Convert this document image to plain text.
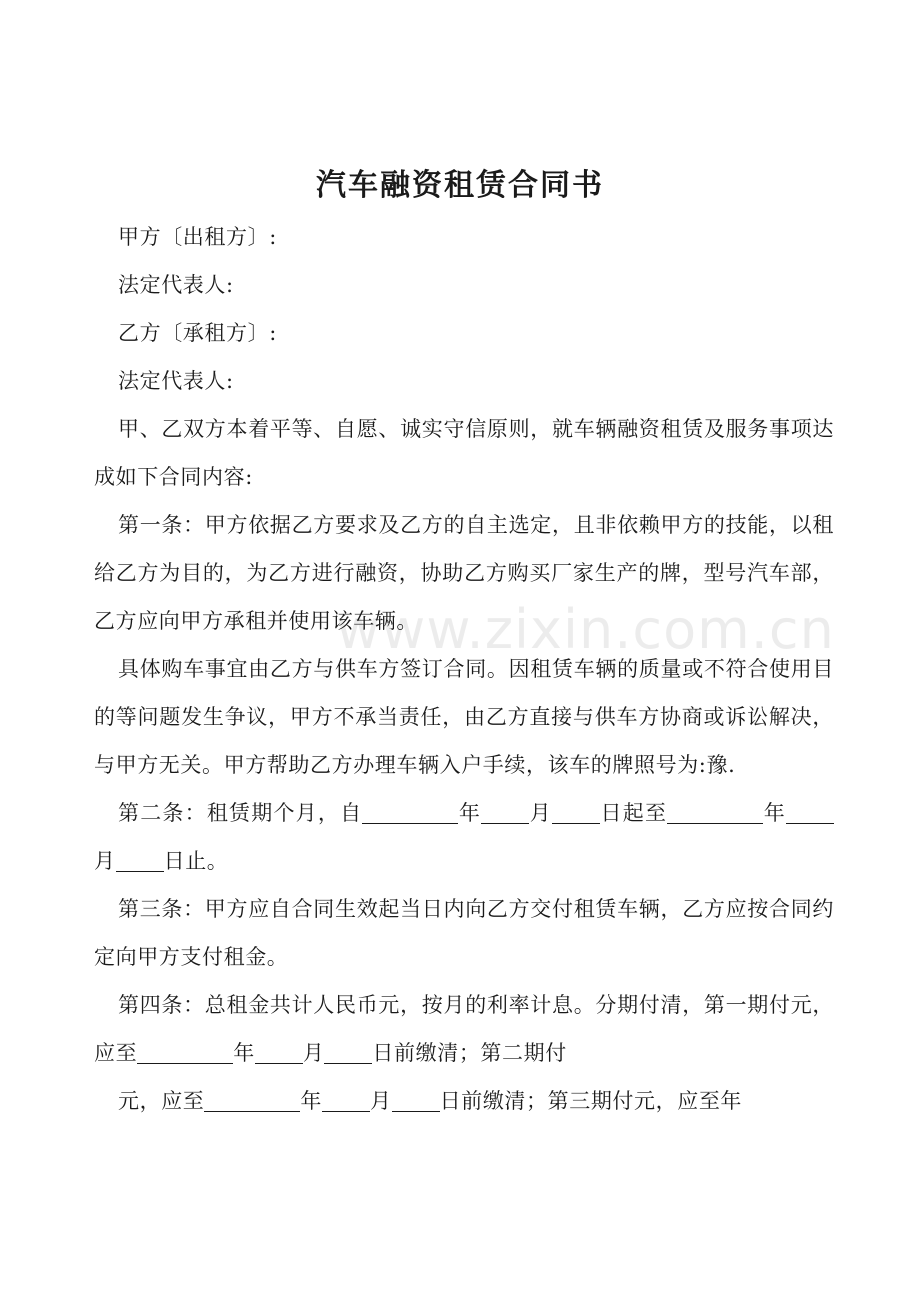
汽车融资租赁合同书

甲方〔出租方〕:

法定代表人:

乙方〔承租方〕:

法定代表人:

甲、乙双方本着平等、自愿、诚实守信原则，就车辆融资租赁及服务事项达成如下合同内容:

第一条：甲方依据乙方要求及乙方的自主选定，且非依赖甲方的技能，以租给乙方为目的，为乙方进行融资，协助乙方购买厂家生产的牌，型号汽车部，乙方应向甲方承租并使用该车辆。

具体购车事宜由乙方与供车方签订合同。因租赁车辆的质量或不符合使用目的等问题发生争议，甲方不承当责任，由乙方直接与供车方协商或诉讼解决，与甲方无关。甲方帮助乙方办理车辆入户手续，该车的牌照号为:豫.

第二条：租赁期个月，自	年 月 日起至	年月 日止。

第三条：甲方应自合同生效起当日内向乙方交付租赁车辆，乙方应按合同约定向甲方支付租金。

第四条：总租金共计人民币元，按月的利率计息。分期付清，第一期付元，应至	年 月 日前缴清；第二期付

元，应至	年 月 日前缴清；第三期付元，应至年

www.zixin.com.cn
